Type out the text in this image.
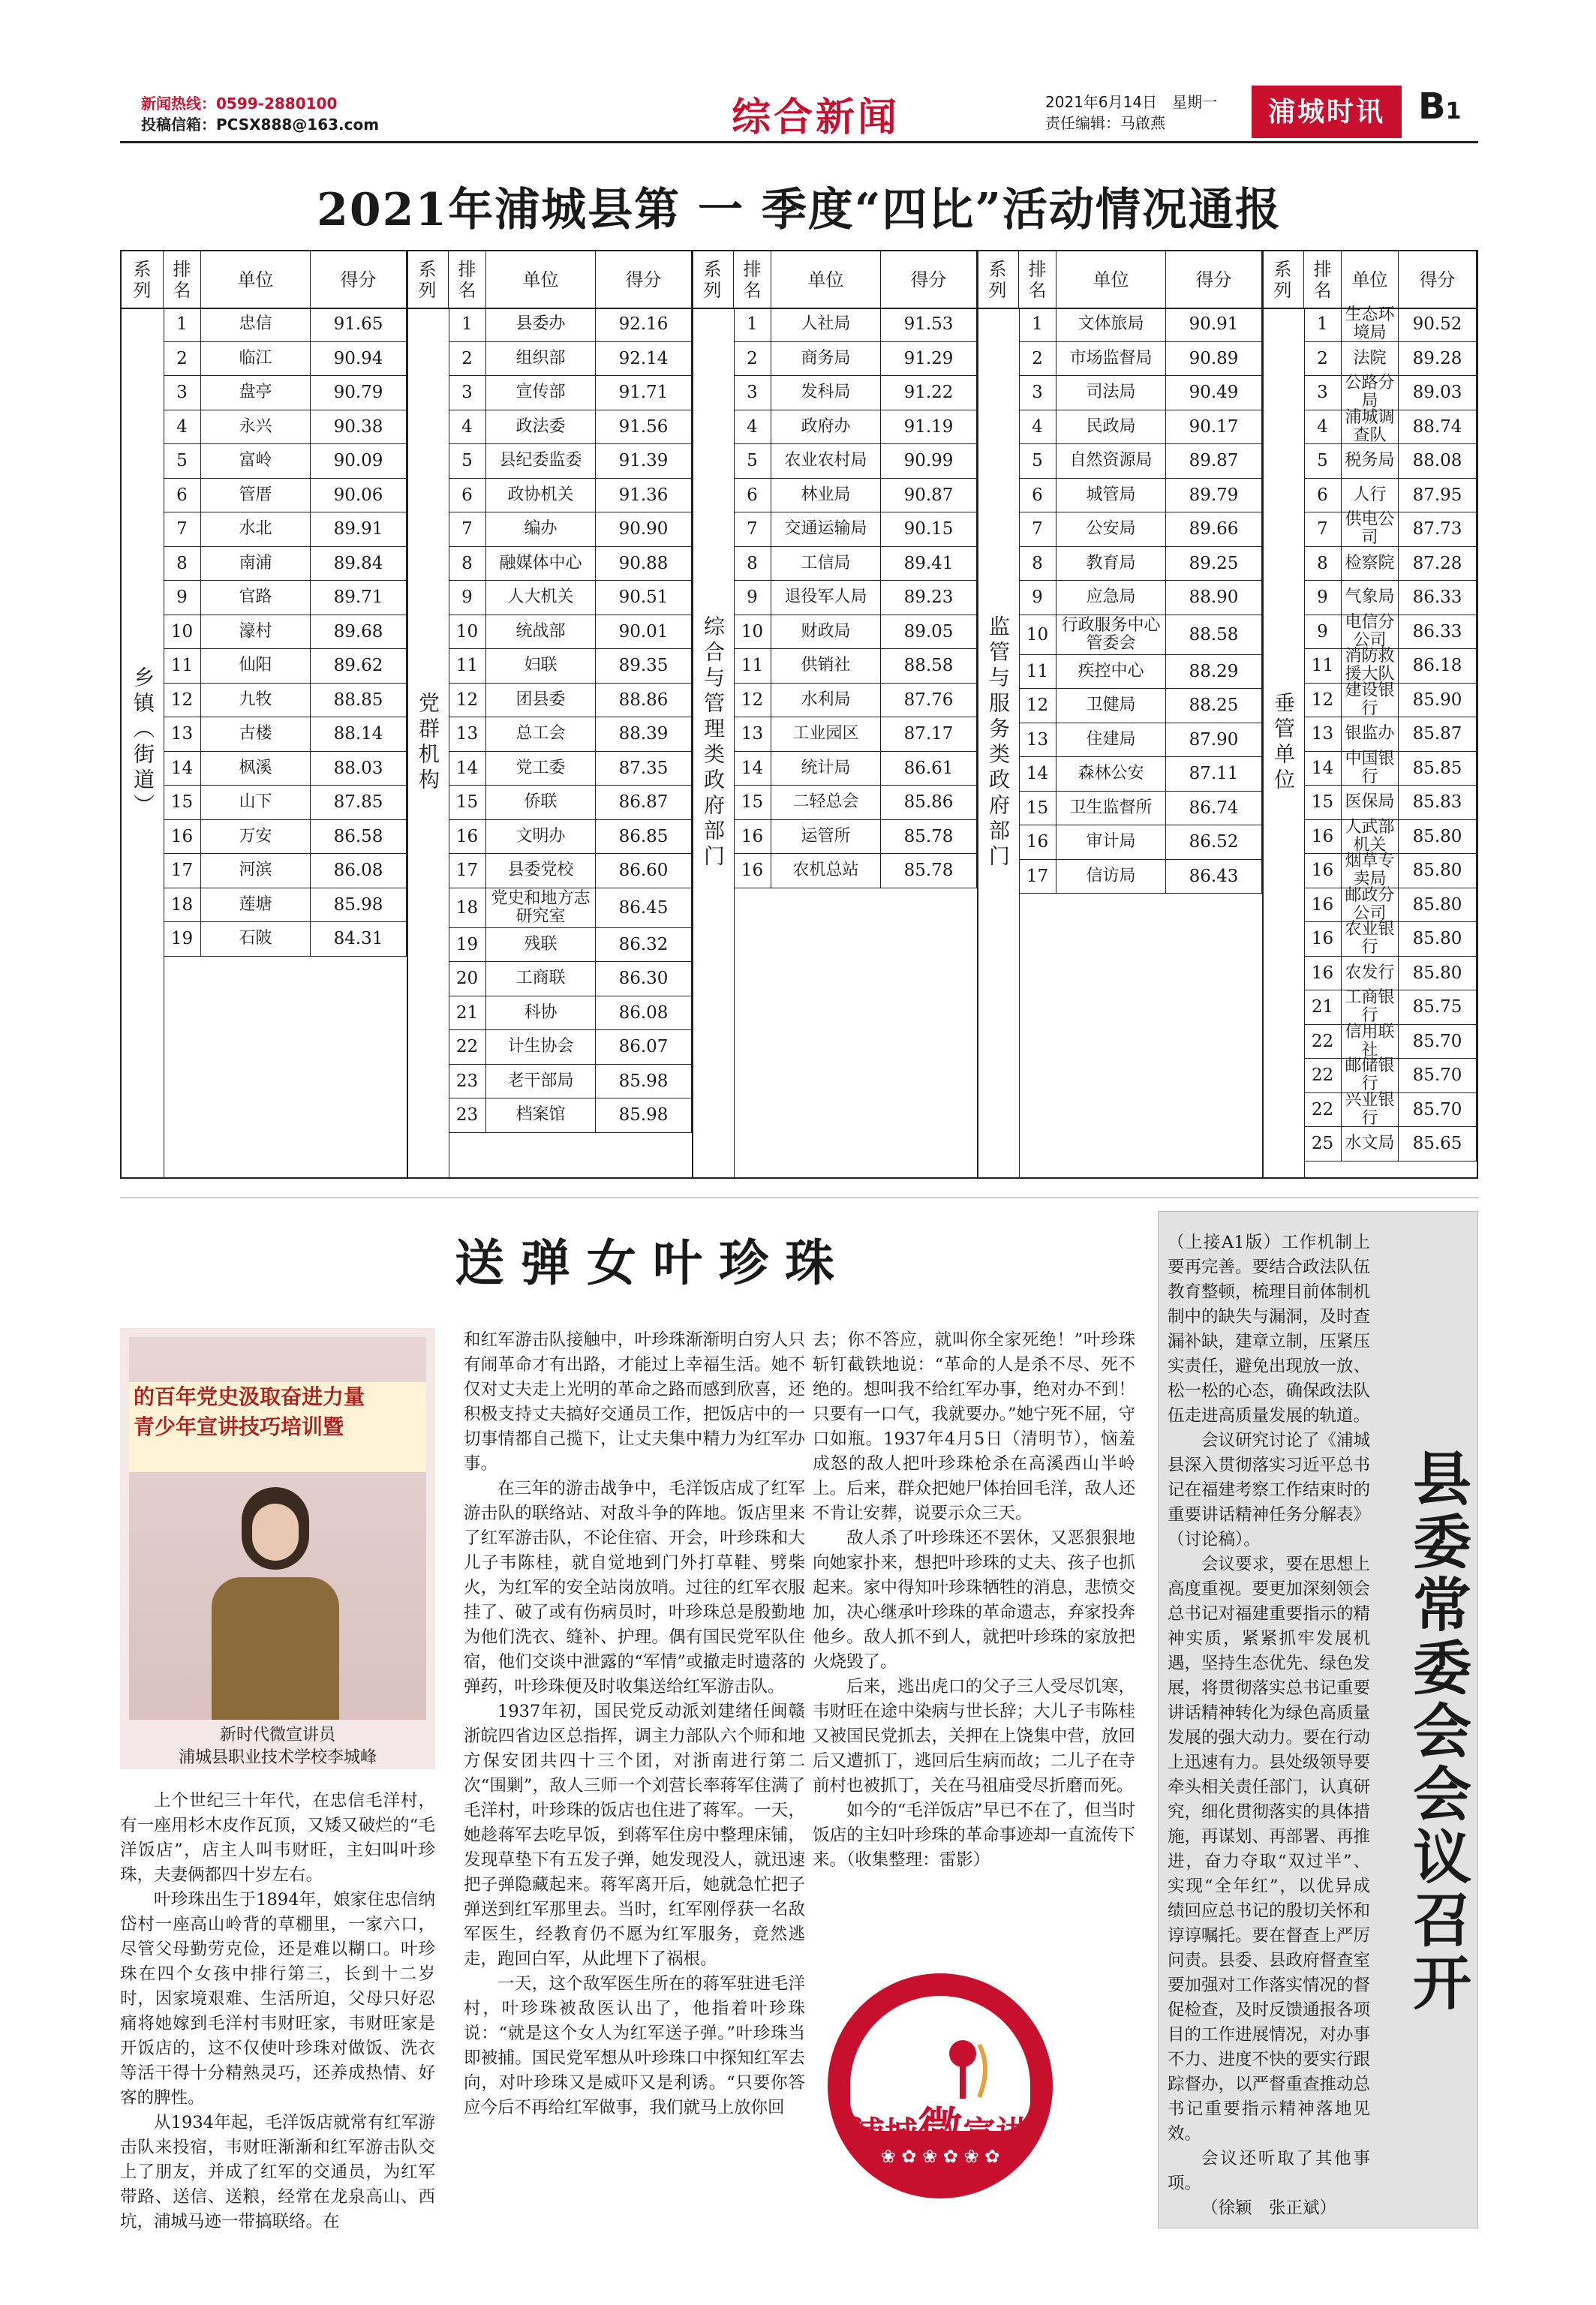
新闻热线：0599-2880100
投稿信箱：PCSX888@163.com	综合新闻	2021年6月14日　星期一
责任编辑：马啟燕	浦城时讯 B1
2021年浦城县第 一 季度“四比”活动情况通报
系列
排名	单位	得分
乡镇（街道）
1	忠信	91.65
2	临江	90.94
3	盘亭	90.79
4	永兴	90.38
5	富岭	90.09
6	管厝	90.06
7	水北	89.91
8	南浦	89.84
9	官路	89.71
10	濠村	89.68
11	仙阳	89.62
12	九牧	88.85
13	古楼	88.14
14	枫溪	88.03
15	山下	87.85
16	万安	86.58
17	河滨	86.08
18	莲塘	85.98
19	石陂	84.31
系列
排名	单位	得分
党群机构
1	县委办	92.16
2	组织部	92.14
3	宣传部	91.71
4	政法委	91.56
5	县纪委监委	91.39
6	政协机关	91.36
7	编办	90.90
8	融媒体中心	90.88
9	人大机关	90.51
10	统战部	90.01
11	妇联	89.35
12	团县委	88.86
13	总工会	88.39
14	党工委	87.35
15	侨联	86.87
16	文明办	86.85
17	县委党校	86.60
18 党史和地方志研究室	86.45
19	残联	86.32
20	工商联	86.30
21	科协	86.08
22	计生协会	86.07
23	老干部局	85.98
23	档案馆	85.98
系列
排名	单位	得分
综合与管理类政府部门
1	人社局	91.53
2	商务局	91.29
3	发科局	91.22
4	政府办	91.19
5	农业农村局	90.99
6	林业局	90.87
7	交通运输局	90.15
8	工信局	89.41
9	退役军人局	89.23
10	财政局	89.05
11	供销社	88.58
12	水利局	87.76
13	工业园区	87.17
14	统计局	86.61
15	二轻总会	85.86
16	运管所	85.78
16	农机总站	85.78
系列
排名	单位	得分
监管与服务类政府部门
1	文体旅局	90.91
2	市场监督局	90.89
3	司法局	90.49
4	民政局	90.17
5	自然资源局	89.87
6	城管局	89.79
7	公安局	89.66
8	教育局	89.25
9	应急局	88.90
10 行政服务中心管委会	88.58
11	疾控中心	88.29
12	卫健局	88.25
13	住建局	87.90
14	森林公安	87.11
15	卫生监督所	86.74
16	审计局	86.52
17	信访局	86.43
系列
排名	单位	得分
垂管单位
1	生态环境局	90.52
2	法院	89.28
3	公路分局	89.03
4	浦城调查队	88.74
5	税务局	88.08
6	人行	87.95
7	供电公司	87.73
8	检察院	87.28
9	气象局	86.33
9	电信分公司	86.33
11 消防救援大队	86.18
12 建设银行	85.90
13 银监办	85.87
14 中国银行	85.85
15 医保局	85.83
16 人武部机关	85.80
16 烟草专卖局	85.80
16 邮政分公司	85.80
16 农业银行	85.80
16 农发行	85.80
21 工商银行	85.75
22 信用联社	85.70
22 邮储银行	85.70
22 兴业银行	85.70
25 水文局	85.65
送弹女叶珍珠
的百年党史汲取奋进力量
青少年宣讲技巧培训暨
新时代微宣讲员
浦城县职业技术学校李城峰

上个世纪三十年代，在忠信毛洋村，有一座用杉木皮作瓦顶，又矮又破烂的“毛洋饭店”，店主人叫韦财旺，主妇叫叶珍珠，夫妻俩都四十岁左右。

叶珍珠出生于1894年，娘家住忠信纳岱村一座高山岭背的草棚里，一家六口，尽管父母勤劳克俭，还是难以糊口。叶珍珠在四个女孩中排行第三，长到十二岁时，因家境艰难、生活所迫，父母只好忍痛将她嫁到毛洋村韦财旺家，韦财旺家是开饭店的，这不仅使叶珍珠对做饭、洗衣等活干得十分精熟灵巧，还养成热情、好客的脾性。

从1934年起，毛洋饭店就常有红军游击队来投宿，韦财旺渐渐和红军游击队交上了朋友，并成了红军的交通员，为红军带路、送信、送粮，经常在龙泉高山、西坑，浦城马迹一带搞联络。在

和红军游击队接触中，叶珍珠渐渐明白穷人只有闹革命才有出路，才能过上幸福生活。她不仅对丈夫走上光明的革命之路而感到欣喜，还积极支持丈夫搞好交通员工作，把饭店中的一切事情都自己揽下，让丈夫集中精力为红军办事。

在三年的游击战争中，毛洋饭店成了红军游击队的联络站、对敌斗争的阵地。饭店里来了红军游击队，不论住宿、开会，叶珍珠和大儿子韦陈桂，就自觉地到门外打草鞋、劈柴火，为红军的安全站岗放哨。过往的红军衣服挂了、破了或有伤病员时，叶珍珠总是殷勤地为他们洗衣、缝补、护理。偶有国民党军队住宿，他们交谈中泄露的“军情”或撤走时遗落的弹药，叶珍珠便及时收集送给红军游击队。

1937年初，国民党反动派刘建绪任闽赣浙皖四省边区总指挥，调主力部队六个师和地方保安团共四十三个团，对浙南进行第二次“围剿”，敌人三师一个刘营长率蒋军住满了毛洋村，叶珍珠的饭店也住进了蒋军。一天，她趁蒋军去吃早饭，到蒋军住房中整理床铺，发现草垫下有五发子弹，她发现没人，就迅速把子弹隐藏起来。蒋军离开后，她就急忙把子弹送到红军那里去。当时，红军刚俘获一名敌军医生，经教育仍不愿为红军服务，竟然逃走，跑回白军，从此埋下了祸根。

一天，这个敌军医生所在的蒋军驻进毛洋村，叶珍珠被敌医认出了，他指着叶珍珠说：“就是这个女人为红军送子弹。”叶珍珠当即被捕。国民党军想从叶珍珠口中探知红军去向，对叶珍珠又是威吓又是利诱。“只要你答应今后不再给红军做事，我们就马上放你回

去；你不答应，就叫你全家死绝！”叶珍珠斩钉截铁地说：“革命的人是杀不尽、死不绝的。想叫我不给红军办事，绝对办不到！只要有一口气，我就要办。”她宁死不屈，守口如瓶。1937年4月5日（清明节），恼羞成怒的敌人把叶珍珠枪杀在高溪西山半岭上。后来，群众把她尸体抬回毛洋，敌人还不肯让安葬，说要示众三天。

敌人杀了叶珍珠还不罢休，又恶狠狠地向她家扑来，想把叶珍珠的丈夫、孩子也抓起来。家中得知叶珍珠牺牲的消息，悲愤交加，决心继承叶珍珠的革命遗志，弃家投奔他乡。敌人抓不到人，就把叶珍珠的家放把火烧毁了。

后来，逃出虎口的父子三人受尽饥寒，韦财旺在途中染病与世长辞；大儿子韦陈桂又被国民党抓去，关押在上饶集中营，放回后又遭抓丁，逃回后生病而故；二儿子在寺前村也被抓丁，关在马祖庙受尽折磨而死。

如今的“毛洋饭店”早已不在了，但当时饭店的主妇叶珍珠的革命事迹却一直流传下来。（收集整理：雷影）

浦城微宣讲
❀ ✿ ❀ ✿ ❀ ✿

（上接A1版）工作机制上要再完善。要结合政法队伍教育整顿，梳理目前体制机制中的缺失与漏洞，及时查漏补缺，建章立制，压紧压实责任，避免出现放一放、松一松的心态，确保政法队伍走进高质量发展的轨道。

会议研究讨论了《浦城县深入贯彻落实习近平总书记在福建考察工作结束时的重要讲话精神任务分解表》（讨论稿）。

会议要求，要在思想上高度重视。要更加深刻领会总书记对福建重要指示的精神实质，紧紧抓牢发展机遇，坚持生态优先、绿色发展，将贯彻落实总书记重要讲话精神转化为绿色高质量发展的强大动力。要在行动上迅速有力。县处级领导要牵头相关责任部门，认真研究，细化贯彻落实的具体措施，再谋划、再部署、再推进，奋力夺取“双过半”、实现“全年红”，以优异成绩回应总书记的殷切关怀和谆谆嘱托。要在督查上严厉问责。县委、县政府督查室要加强对工作落实情况的督促检查，及时反馈通报各项目的工作进展情况，对办事不力、进度不快的要实行跟踪督办，以严督重查推动总书记重要指示精神落地见效。

会议还听取了其他事项。

（徐颖　张正斌）

县委常委会会议召开
